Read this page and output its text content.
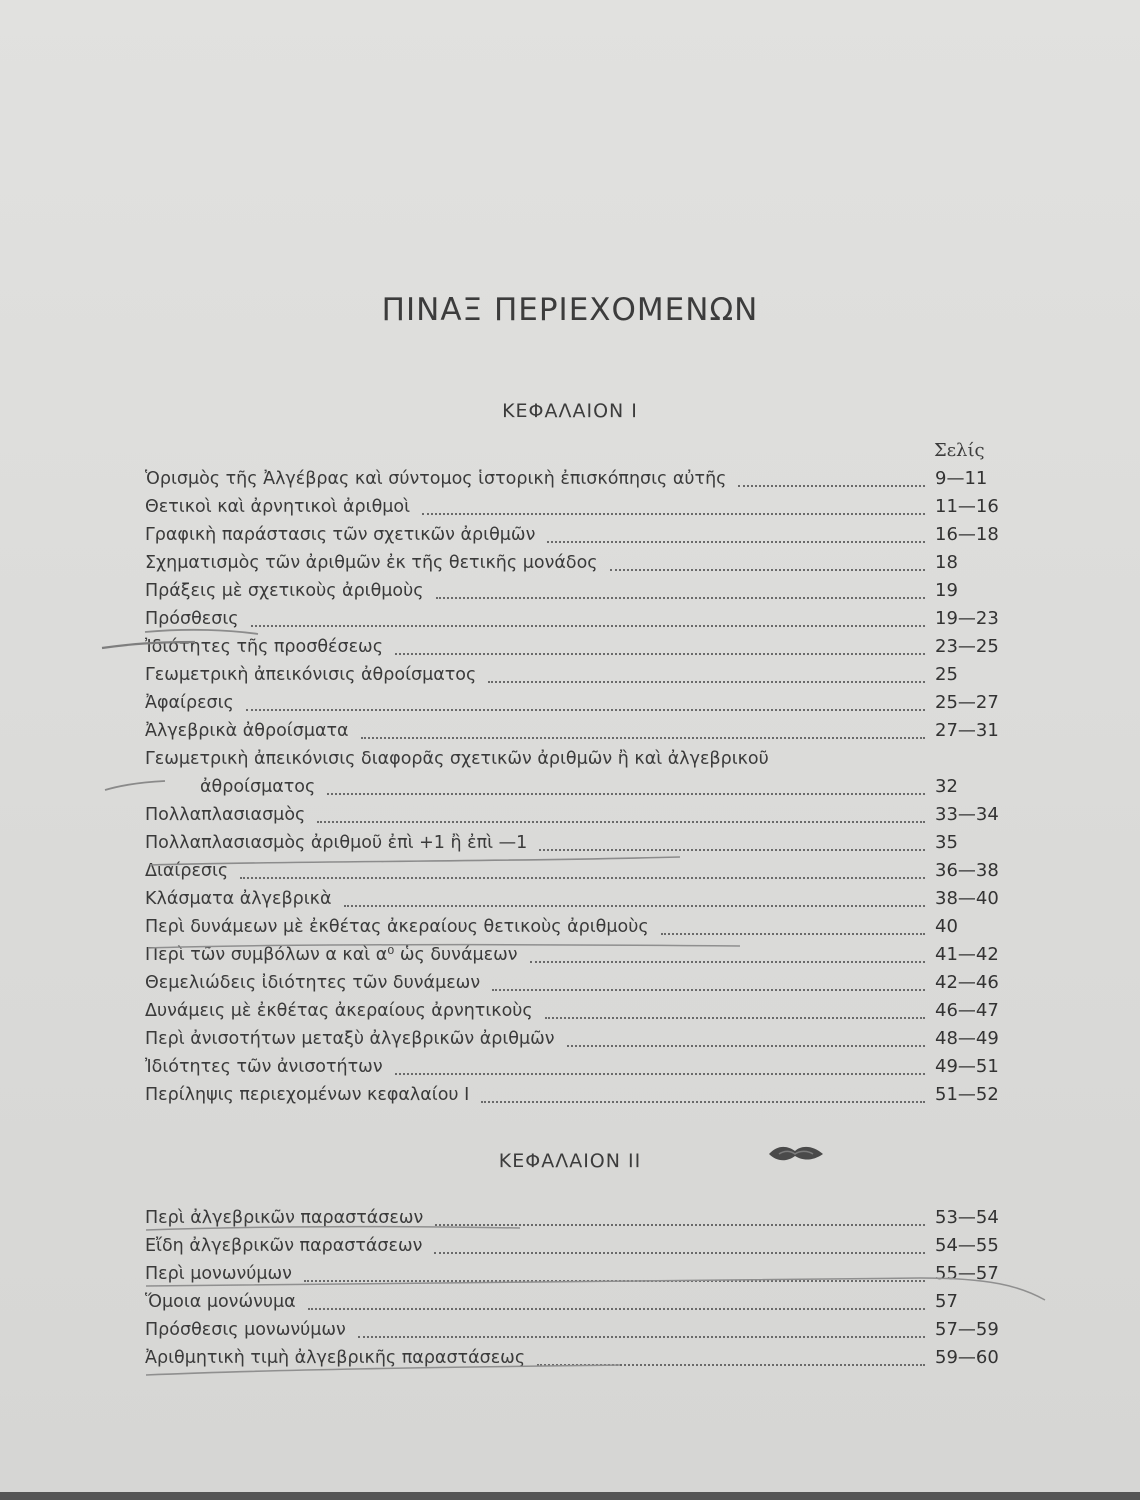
ΠΙΝΑΞ ΠΕΡΙΕΧΟΜΕΝΩΝ
ΚΕΦΑΛΑΙΟΝ Ι
Σελίς
Ὁρισμὸς τῆς Ἀλγέβρας καὶ σύντομος ἱστορικὴ ἐπισκόπησις αὐτῆς	9—11
Θετικοὶ καὶ ἀρνητικοὶ ἀριθμοὶ	11—16
Γραφικὴ παράστασις τῶν σχετικῶν ἀριθμῶν	16—18
Σχηματισμὸς τῶν ἀριθμῶν ἐκ τῆς θετικῆς μονάδος	18
Πράξεις μὲ σχετικοὺς ἀριθμοὺς	19
Πρόσθεσις	19—23
Ἰδιότητες τῆς προσθέσεως	23—25
Γεωμετρικὴ ἀπεικόνισις ἀθροίσματος	25
Ἀφαίρεσις	25—27
Ἀλγεβρικὰ ἀθροίσματα	27—31
Γεωμετρικὴ ἀπεικόνισις διαφορᾶς σχετικῶν ἀριθμῶν ἢ καὶ ἀλγεβρικοῦ
ἀθροίσματος	32
Πολλαπλασιασμὸς	33—34
Πολλαπλασιασμὸς ἀριθμοῦ ἐπὶ +1 ἢ ἐπὶ —1	35
Διαίρεσις	36—38
Κλάσματα ἀλγεβρικὰ	38—40
Περὶ δυνάμεων μὲ ἐκθέτας ἀκεραίους θετικοὺς ἀριθμοὺς	40
Περὶ τῶν συμβόλων α καὶ α⁰ ὡς δυνάμεων	41—42
Θεμελιώδεις ἰδιότητες τῶν δυνάμεων	42—46
Δυνάμεις μὲ ἐκθέτας ἀκεραίους ἀρνητικοὺς	46—47
Περὶ ἀνισοτήτων μεταξὺ ἀλγεβρικῶν ἀριθμῶν	48—49
Ἰδιότητες τῶν ἀνισοτήτων	49—51
Περίληψις περιεχομένων κεφαλαίου Ι	51—52
ΚΕΦΑΛΑΙΟΝ ΙΙ
Περὶ ἀλγεβρικῶν παραστάσεων	53—54
Εἴδη ἀλγεβρικῶν παραστάσεων	54—55
Περὶ μονωνύμων	55—57
Ὅμοια μονώνυμα	57
Πρόσθεσις μονωνύμων	57—59
Ἀριθμητικὴ τιμὴ ἀλγεβρικῆς παραστάσεως	59—60
